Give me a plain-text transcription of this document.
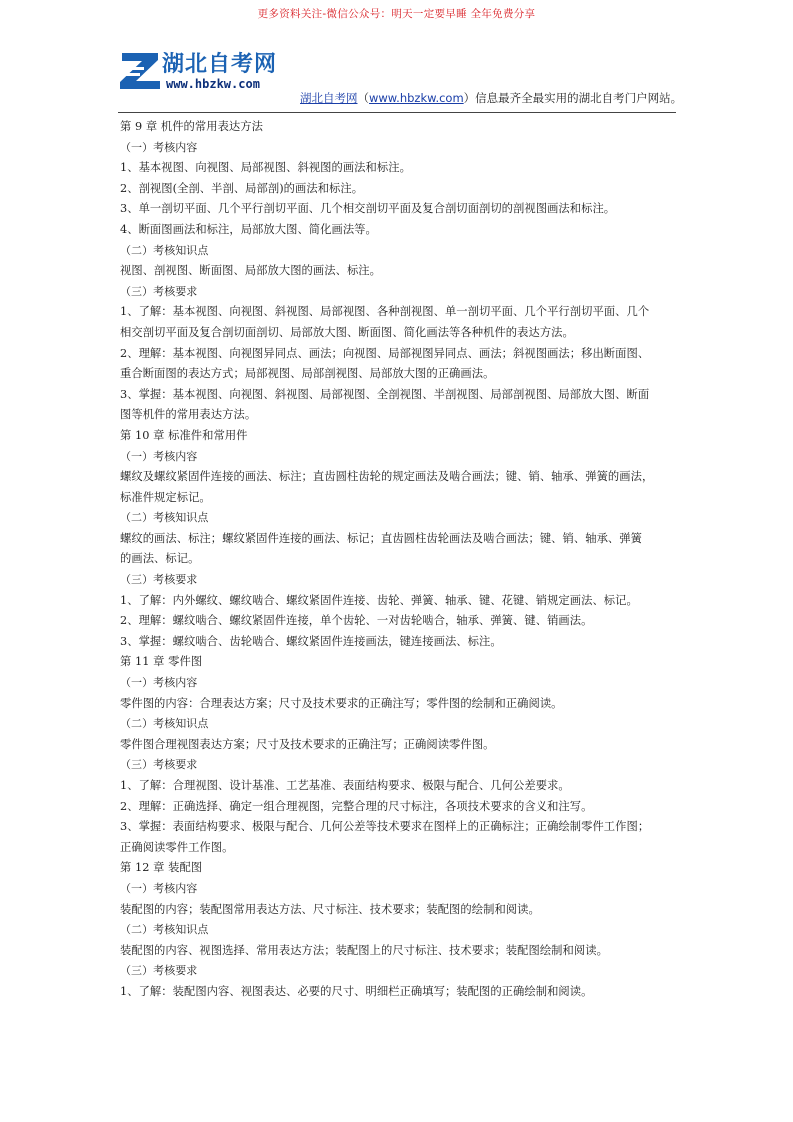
更多资料关注-微信公众号：明天一定要早睡 全年免费分享
湖北自考网
www.hbzkw.com
湖北自考网（www.hbzkw.com）信息最齐全最实用的湖北自考门户网站。

第 9 章 机件的常用表达方法

（一）考核内容

1、基本视图、向视图、局部视图、斜视图的画法和标注。

2、剖视图(全剖、半剖、局部剖)的画法和标注。

3、单一剖切平面、几个平行剖切平面、几个相交剖切平面及复合剖切面剖切的剖视图画法和标注。

4、断面图画法和标注，局部放大图、简化画法等。

（二）考核知识点

视图、剖视图、断面图、局部放大图的画法、标注。

（三）考核要求

1、了解：基本视图、向视图、斜视图、局部视图、各种剖视图、单一剖切平面、几个平行剖切平面、几个

相交剖切平面及复合剖切面剖切、局部放大图、断面图、简化画法等各种机件的表达方法。

2、理解：基本视图、向视图异同点、画法；向视图、局部视图异同点、画法；斜视图画法；移出断面图、

重合断面图的表达方式；局部视图、局部剖视图、局部放大图的正确画法。

3、掌握：基本视图、向视图、斜视图、局部视图、全剖视图、半剖视图、局部剖视图、局部放大图、断面

图等机件的常用表达方法。

第 10 章 标准件和常用件

（一）考核内容

螺纹及螺纹紧固件连接的画法、标注；直齿圆柱齿轮的规定画法及啮合画法；键、销、轴承、弹簧的画法，

标准件规定标记。

（二）考核知识点

螺纹的画法、标注；螺纹紧固件连接的画法、标记；直齿圆柱齿轮画法及啮合画法；键、销、轴承、弹簧

的画法、标记。

（三）考核要求

1、了解：内外螺纹、螺纹啮合、螺纹紧固件连接、齿轮、弹簧、轴承、键、花键、销规定画法、标记。

2、理解：螺纹啮合、螺纹紧固件连接，单个齿轮、一对齿轮啮合，轴承、弹簧、键、销画法。

3、掌握：螺纹啮合、齿轮啮合、螺纹紧固件连接画法，键连接画法、标注。

第 11 章 零件图

（一）考核内容

零件图的内容：合理表达方案；尺寸及技术要求的正确注写；零件图的绘制和正确阅读。

（二）考核知识点

零件图合理视图表达方案；尺寸及技术要求的正确注写；正确阅读零件图。

（三）考核要求

1、了解：合理视图、设计基准、工艺基准、表面结构要求、极限与配合、几何公差要求。

2、理解：正确选择、确定一组合理视图，完整合理的尺寸标注，各项技术要求的含义和注写。

3、掌握：表面结构要求、极限与配合、几何公差等技术要求在图样上的正确标注；正确绘制零件工作图；

正确阅读零件工作图。

第 12 章 装配图

（一）考核内容

装配图的内容；装配图常用表达方法、尺寸标注、技术要求；装配图的绘制和阅读。

（二）考核知识点

装配图的内容、视图选择、常用表达方法；装配图上的尺寸标注、技术要求；装配图绘制和阅读。

（三）考核要求

1、了解：装配图内容、视图表达、必要的尺寸、明细栏正确填写；装配图的正确绘制和阅读。
